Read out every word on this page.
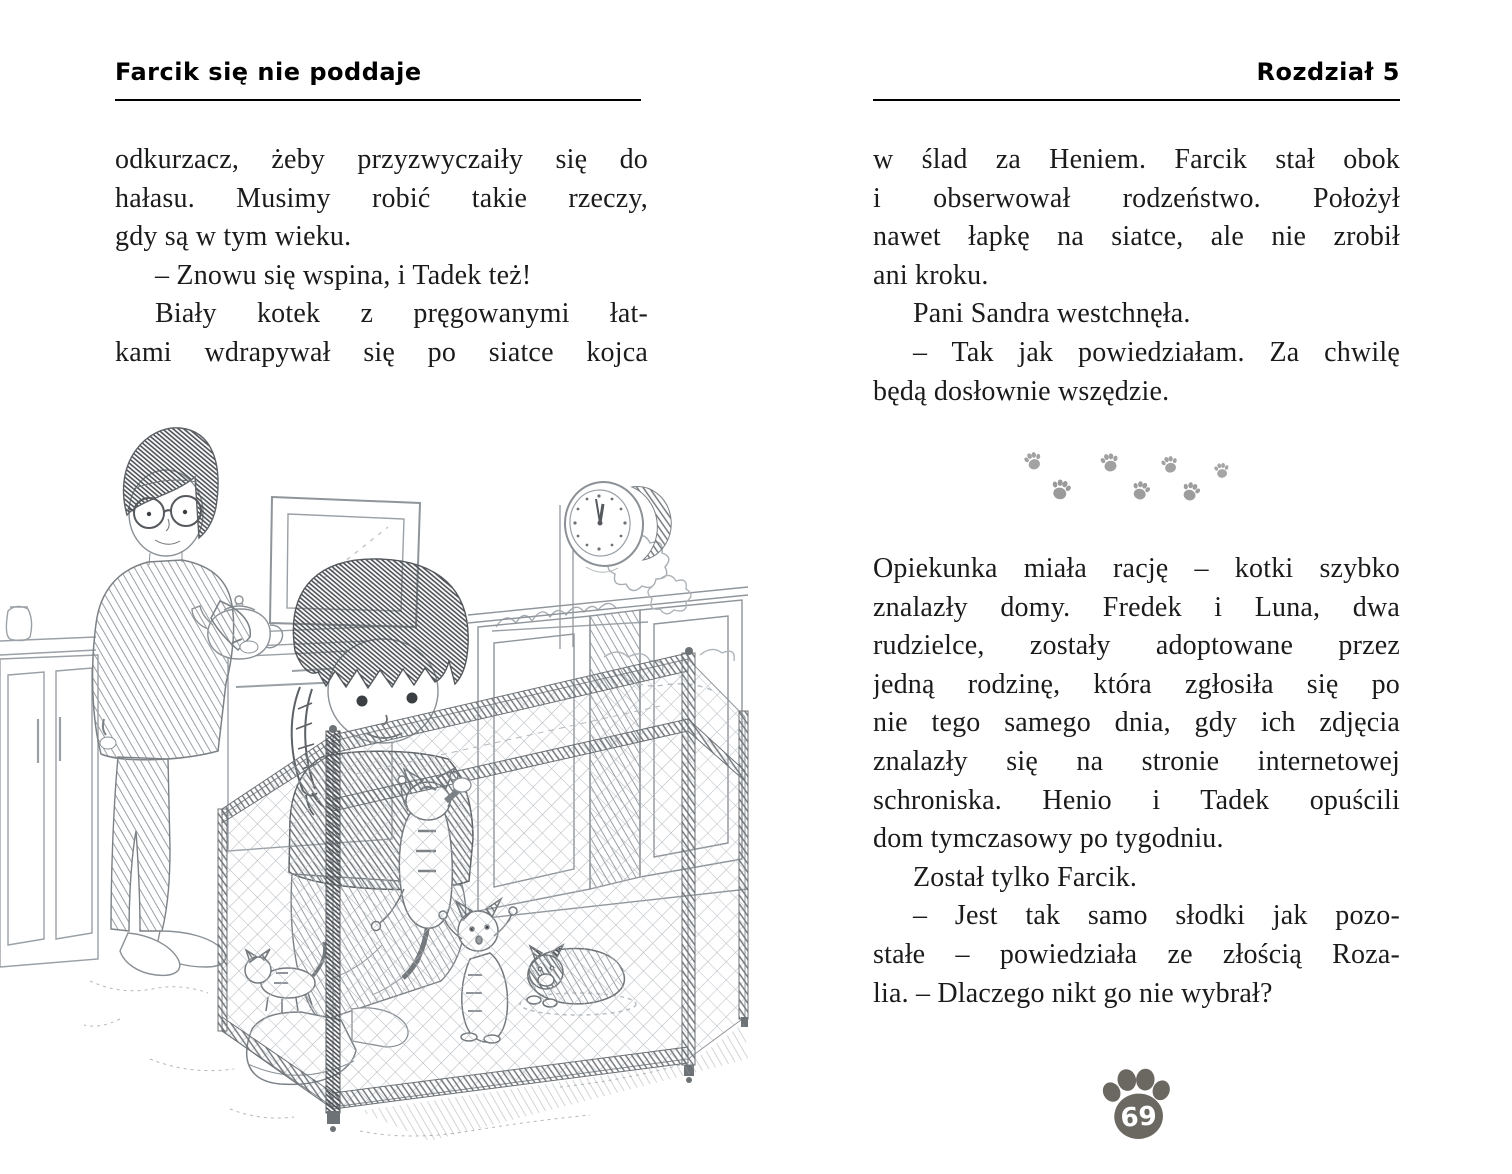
Farcik się nie poddaje
odkurzacz, żeby przyzwyczaiły się do
hałasu. Musimy robić takie rzeczy,
gdy są w tym wieku.
– Znowu się wspina, i Tadek też!
Biały kotek z pręgowanymi łat-
kami wdrapywał się po siatce kojca
Rozdział 5
w ślad za Heniem. Farcik stał obok
i obserwował rodzeństwo. Położył
nawet łapkę na siatce, ale nie zrobił
ani kroku.
Pani Sandra westchnęła.
– Tak jak powiedziałam. Za chwilę
będą dosłownie wszędzie.
Opiekunka miała rację – kotki szybko
znalazły domy. Fredek i Luna, dwa
rudzielce, zostały adoptowane przez
jedną rodzinę, która zgłosiła się po
nie tego samego dnia, gdy ich zdjęcia
znalazły się na stronie internetowej
schroniska. Henio i Tadek opuścili
dom tymczasowy po tygodniu.
Został tylko Farcik.
– Jest tak samo słodki jak pozo-
stałe – powiedziała ze złością Roza-
lia. – Dlaczego nikt go nie wybrał?
69
